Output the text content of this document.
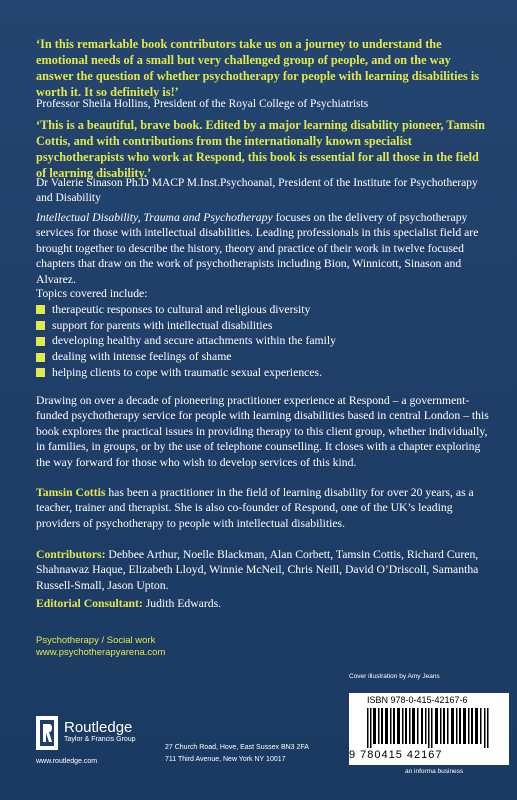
‘In this remarkable book contributors take us on a journey to understand the emotional needs of a small but very challenged group of people, and on the way answer the question of whether psychotherapy for people with learning disabilities is worth it. It so definitely is!’
Professor Sheila Hollins, President of the Royal College of Psychiatrists
‘This is a beautiful, brave book. Edited by a major learning disability pioneer, Tamsin Cottis, and with contributions from the internationally known specialist psychotherapists who work at Respond, this book is essential for all those in the field of learning disability.’
Dr Valerie Sinason Ph.D MACP M.Inst.Psychoanal, President of the Institute for Psychotherapy and Disability
Intellectual Disability, Trauma and Psychotherapy focuses on the delivery of psychotherapy services for those with intellectual disabilities. Leading professionals in this specialist field are brought together to describe the history, theory and practice of their work in twelve focused chapters that draw on the work of psychotherapists including Bion, Winnicott, Sinason and Alvarez.
Topics covered include:
therapeutic responses to cultural and religious diversity
support for parents with intellectual disabilities
developing healthy and secure attachments within the family
dealing with intense feelings of shame
helping clients to cope with traumatic sexual experiences.
Drawing on over a decade of pioneering practitioner experience at Respond – a government-funded psychotherapy service for people with learning disabilities based in central London – this book explores the practical issues in providing therapy to this client group, whether individually, in families, in groups, or by the use of telephone counselling. It closes with a chapter exploring the way forward for those who wish to develop services of this kind.
Tamsin Cottis has been a practitioner in the field of learning disability for over 20 years, as a teacher, trainer and therapist. She is also co-founder of Respond, one of the UK’s leading providers of psychotherapy to people with intellectual disabilities.
Contributors: Debbee Arthur, Noelle Blackman, Alan Corbett, Tamsin Cottis, Richard Curen, Shahnawaz Haque, Elizabeth Lloyd, Winnie McNeil, Chris Neill, David O’Driscoll, Samantha Russell-Small, Jason Upton.
Editorial Consultant: Judith Edwards.
Psychotherapy / Social work
www.psychotherapyarena.com
Cover illustration by Amy Jeans
ISBN 978-0-415-42167-6
9 780415 42167
Routledge
Taylor & Francis Group
27 Church Road, Hove, East Sussex BN3 2FA
711 Third Avenue, New York NY 10017
www.routledge.com
an informa business
